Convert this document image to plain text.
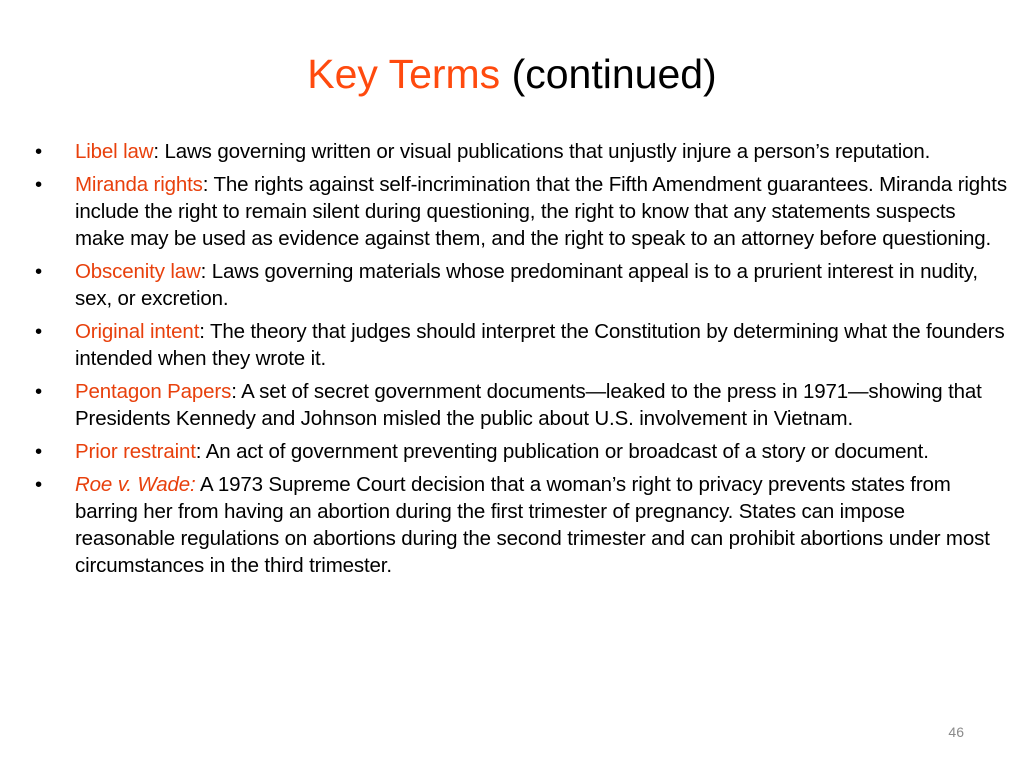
Key Terms (continued)
• Libel law: Laws governing written or visual publications that unjustly injure a person’s reputation.
• Miranda rights: The rights against self-incrimination that the Fifth Amendment guarantees. Miranda rights include the right to remain silent during questioning, the right to know that any statements suspects make may be used as evidence against them, and the right to speak to an attorney before questioning.
• Obscenity law: Laws governing materials whose predominant appeal is to a prurient interest in nudity, sex, or excretion.
• Original intent: The theory that judges should interpret the Constitution by determining what the founders intended when they wrote it.
• Pentagon Papers: A set of secret government documents—leaked to the press in 1971—showing that Presidents Kennedy and Johnson misled the public about U.S. involvement in Vietnam.
• Prior restraint: An act of government preventing publication or broadcast of a story or document.
• Roe v. Wade: A 1973 Supreme Court decision that a woman’s right to privacy prevents states from barring her from having an abortion during the first trimester of pregnancy. States can impose reasonable regulations on abortions during the second trimester and can prohibit abortions under most circumstances in the third trimester.
46
